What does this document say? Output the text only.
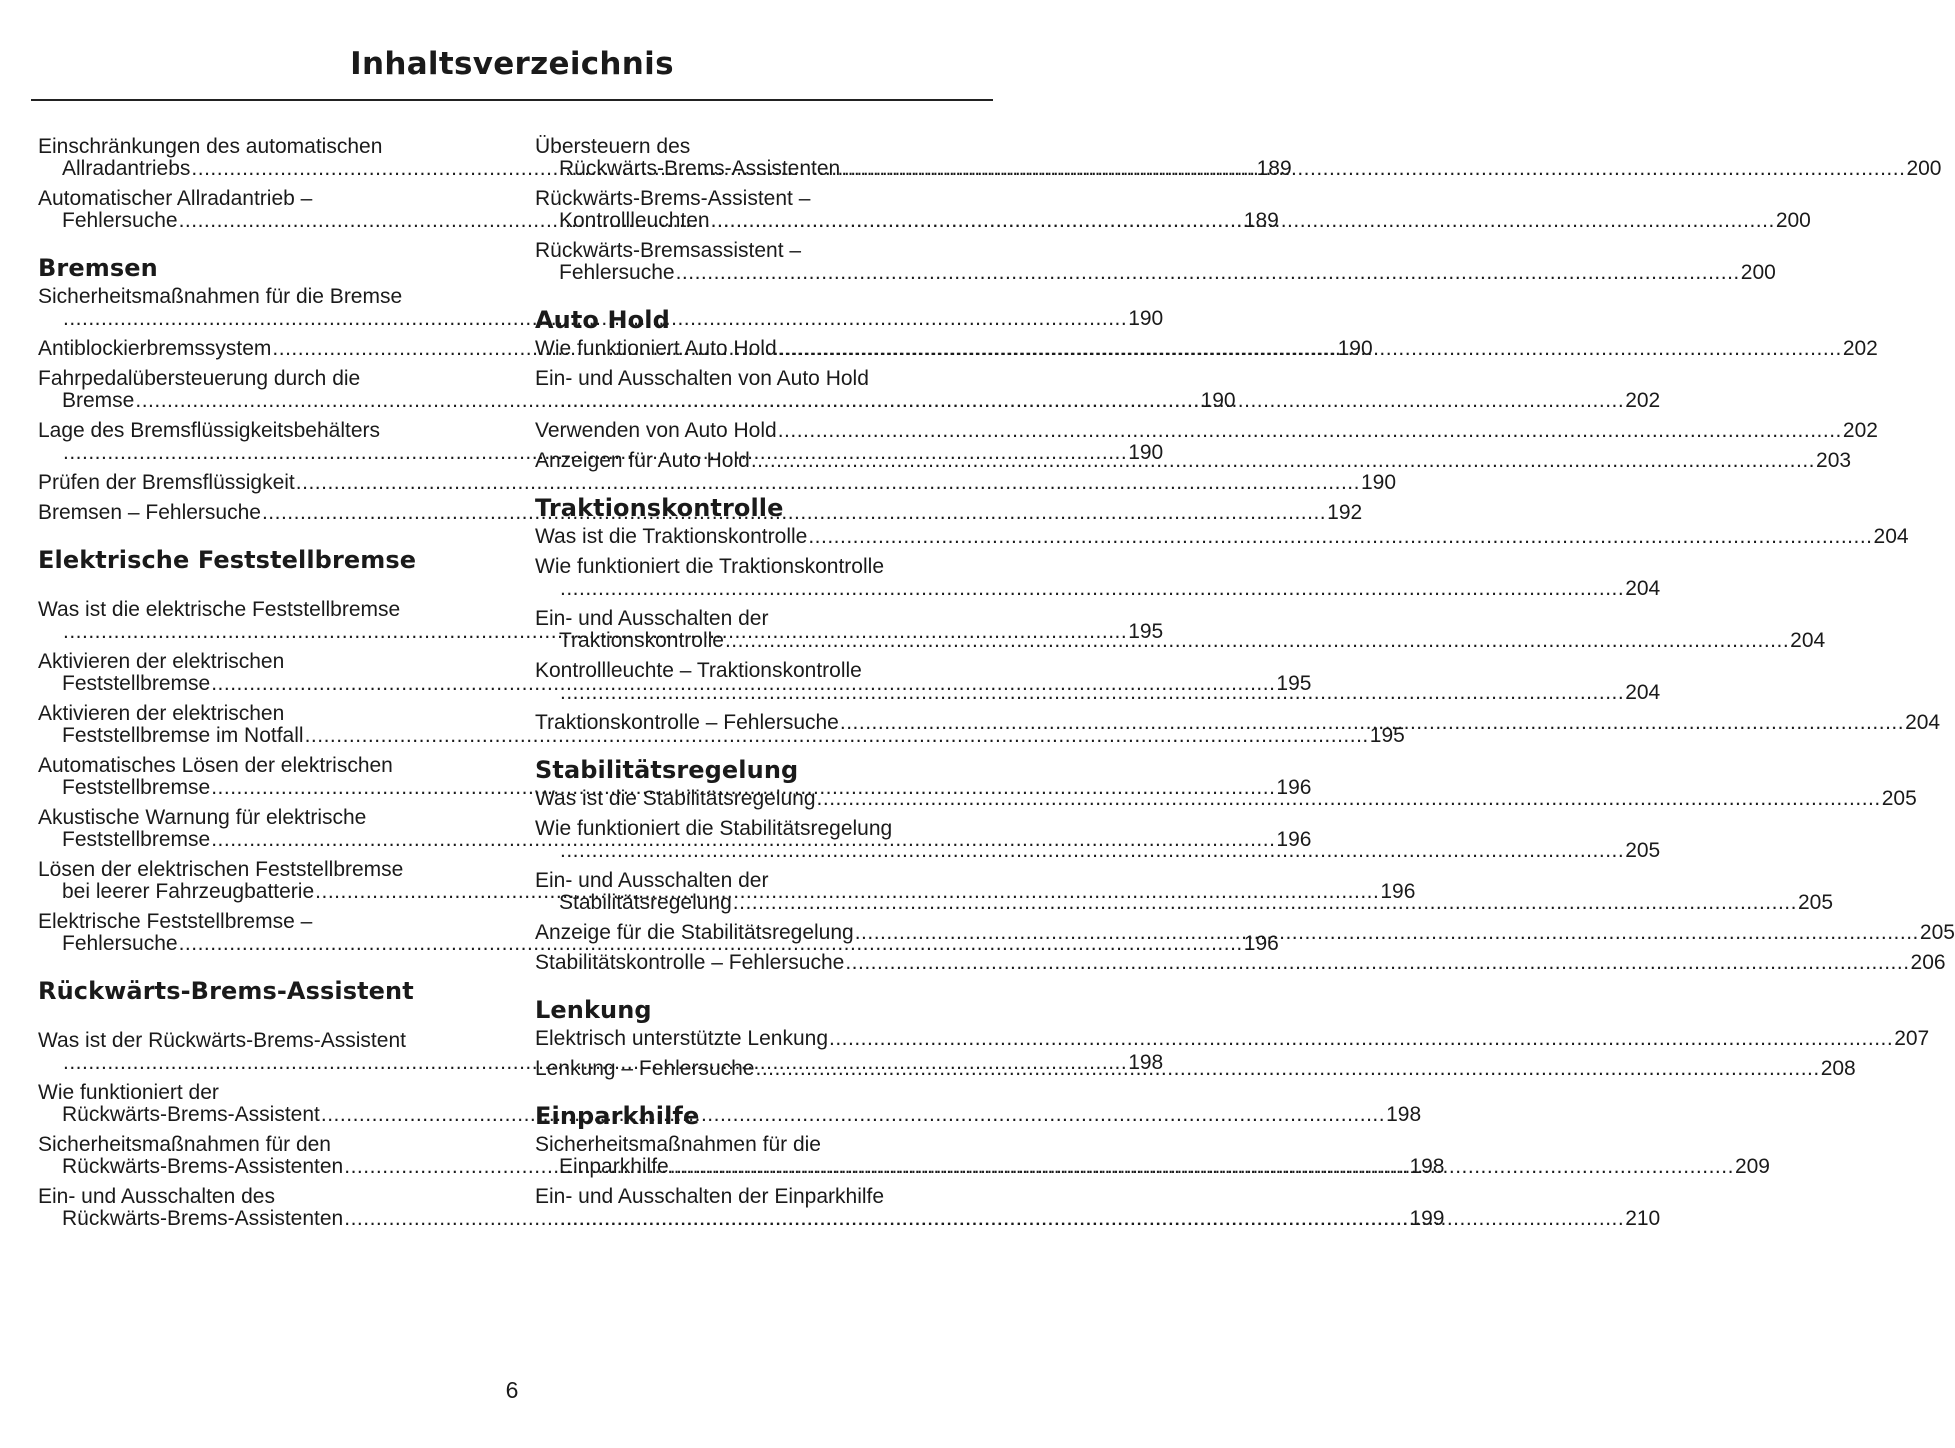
Inhaltsverzeichnis
Einschränkungen des automatischen
Allradantriebs .....	189
Automatischer Allradantrieb –
Fehlersuche .....	189
Bremsen
Sicherheitsmaßnahmen für die Bremse
.....190
Antiblockierbremssystem .....	190
Fahrpedalübersteuerung durch die
Bremse .....	190
Lage des Bremsflüssigkeitsbehälters
.....190
Prüfen der Bremsflüssigkeit .....	190
Bremsen – Fehlersuche .....	192
Elektrische Feststellbremse
Was ist die elektrische Feststellbremse
.....195
Aktivieren der elektrischen
Feststellbremse .....	195
Aktivieren der elektrischen
Feststellbremse im Notfall .....	195
Automatisches Lösen der elektrischen
Feststellbremse .....	196
Akustische Warnung für elektrische
Feststellbremse .....	196
Lösen der elektrischen Feststellbremse
bei leerer Fahrzeugbatterie .....	196
Elektrische Feststellbremse –
Fehlersuche .....	196
Rückwärts-Brems-Assistent
Was ist der Rückwärts-Brems-Assistent
.....198
Wie funktioniert der
Rückwärts-Brems-Assistent .....	198
Sicherheitsmaßnahmen für den
Rückwärts-Brems-Assistenten .....	198
Ein- und Ausschalten des
Rückwärts-Brems-Assistenten .....	199
Übersteuern des
Rückwärts-Brems-Assistenten .....	200
Rückwärts-Brems-Assistent –
Kontrollleuchten .....	200
Rückwärts-Bremsassistent –
Fehlersuche .....	200
Auto Hold
Wie funktioniert Auto Hold .....	202
Ein- und Ausschalten von Auto Hold
.....202
Verwenden von Auto Hold .....	202
Anzeigen für Auto Hold .....	203
Traktionskontrolle
Was ist die Traktionskontrolle .....	204
Wie funktioniert die Traktionskontrolle
.....204
Ein- und Ausschalten der
Traktionskontrolle .....	204
Kontrollleuchte – Traktionskontrolle
.....204
Traktionskontrolle – Fehlersuche .....	204
Stabilitätsregelung
Was ist die Stabilitätsregelung .....	205
Wie funktioniert die Stabilitätsregelung
.....205
Ein- und Ausschalten der
Stabilitätsregelung .....	205
Anzeige für die Stabilitätsregelung .....	205
Stabilitätskontrolle – Fehlersuche .....	206
Lenkung
Elektrisch unterstützte Lenkung .....	207
Lenkung – Fehlersuche .....	208
Einparkhilfe
Sicherheitsmaßnahmen für die
Einparkhilfe .....	209
Ein- und Ausschalten der Einparkhilfe
.....210
6
